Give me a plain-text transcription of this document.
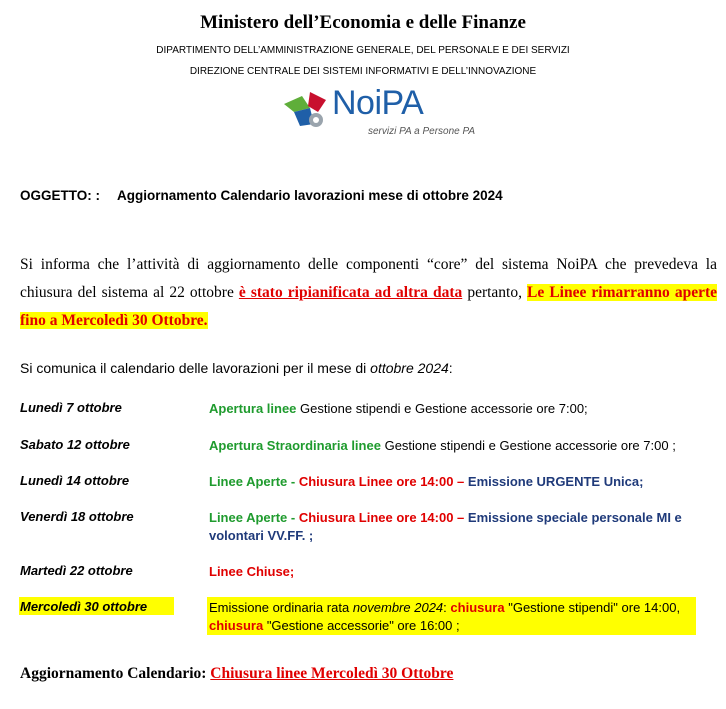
Ministero dell’Economia e delle Finanze
DIPARTIMENTO DELL’AMMINISTRAZIONE GENERALE, DEL PERSONALE E DEI SERVIZI
DIREZIONE CENTRALE DEI SISTEMI INFORMATIVI E DELL’INNOVAZIONE
NoiPA
servizi PA a Persone PA
OGGETTO: : Aggiornamento Calendario lavorazioni mese di ottobre 2024
Si informa che l’attività di aggiornamento delle componenti “core” del sistema NoiPA che prevedeva la chiusura del sistema al 22 ottobre è stato ripianificata ad altra data pertanto, Le Linee rimarranno aperte fino a Mercoledì 30 Ottobre.
Si comunica il calendario delle lavorazioni per il mese di ottobre 2024:
Lunedì 7 ottobre	Apertura linee Gestione stipendi e Gestione accessorie ore 7:00;
Sabato 12 ottobre	Apertura Straordinaria linee Gestione stipendi e Gestione accessorie ore 7:00 ;
Lunedì 14 ottobre	Linee Aperte - Chiusura Linee ore 14:00 – Emissione URGENTE Unica;
Venerdì 18 ottobre	Linee Aperte - Chiusura Linee ore 14:00 – Emissione speciale personale MI e volontari VV.FF. ;
Martedì 22 ottobre	Linee Chiuse;
Mercoledì 30 ottobre	Emissione ordinaria rata novembre 2024: chiusura "Gestione stipendi" ore 14:00, chiusura "Gestione accessorie" ore 16:00 ;
Aggiornamento Calendario: Chiusura linee Mercoledì 30 Ottobre
